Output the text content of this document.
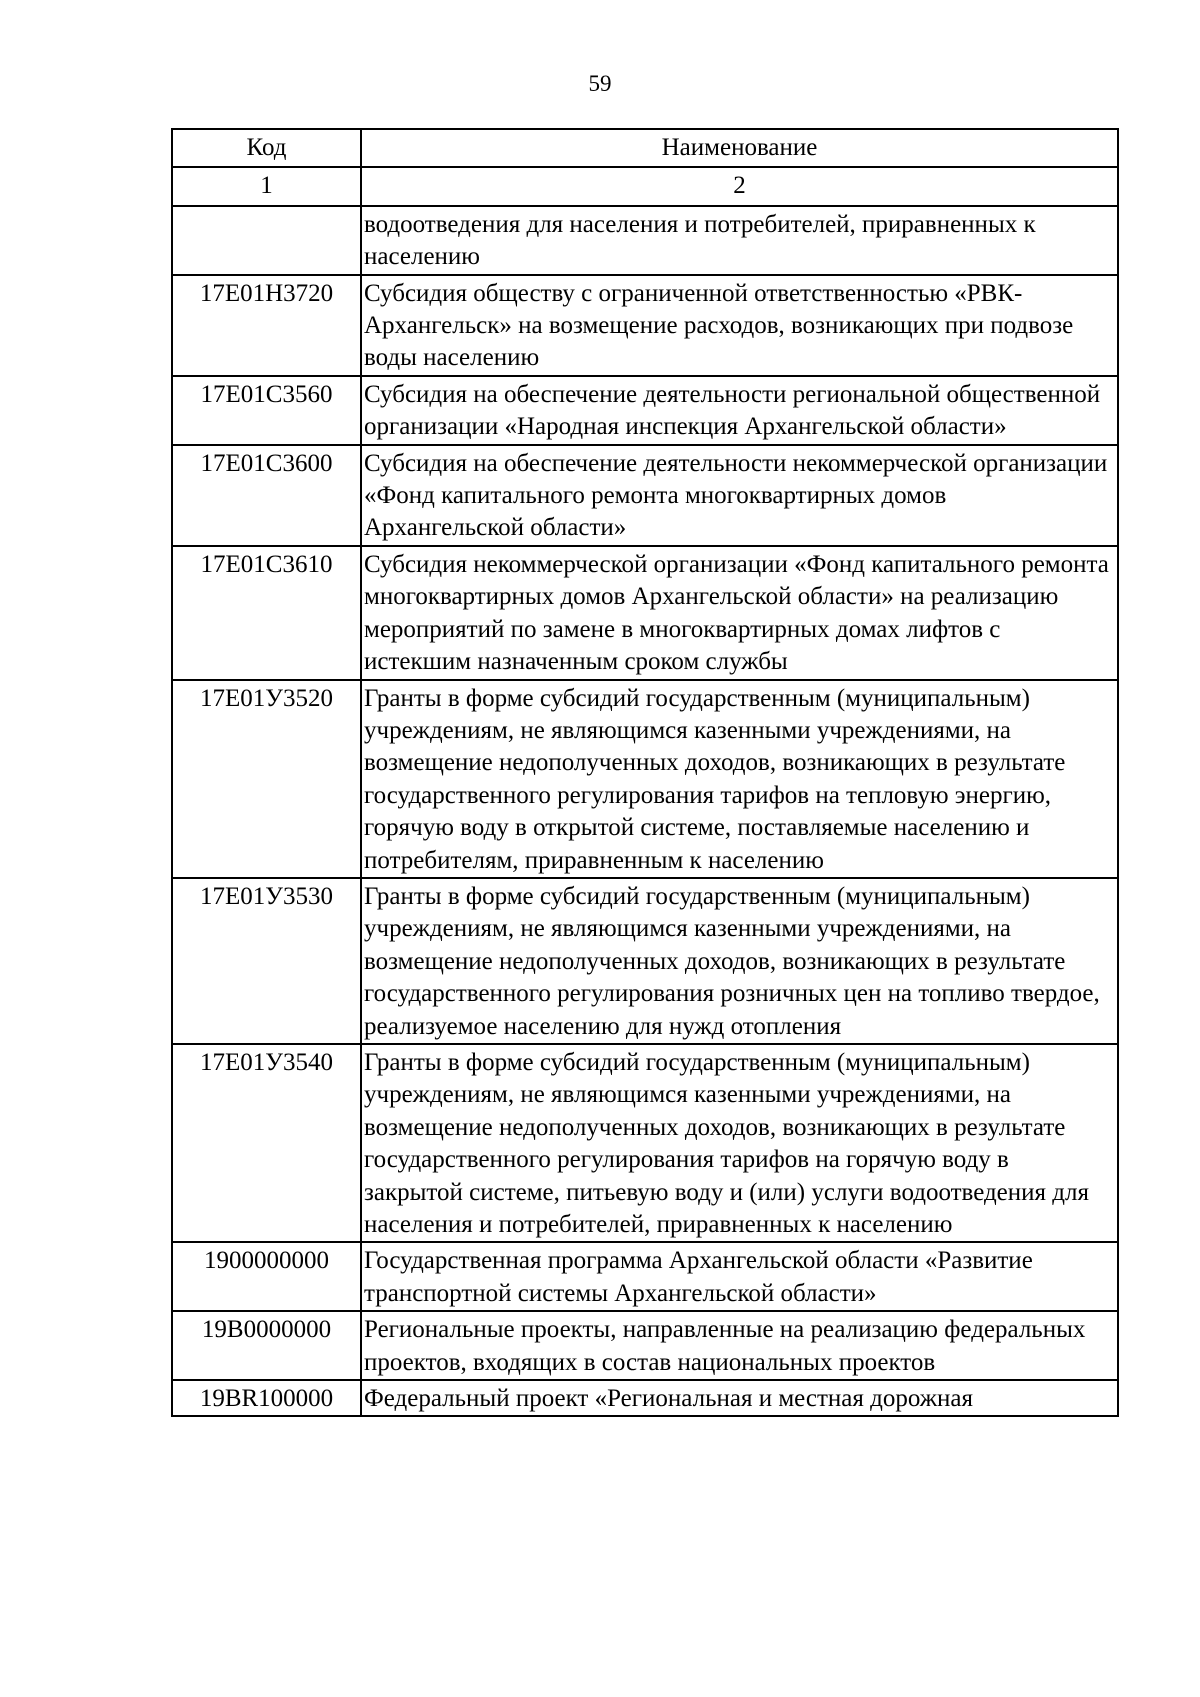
59
Код	Наименование
1	2
	водоотведения для населения и потребителей, приравненных к населению
17Е01Н3720	Субсидия обществу с ограниченной ответственностью «РВК-Архангельск» на возмещение расходов, возникающих при подвозе воды населению
17Е01С3560	Субсидия на обеспечение деятельности региональной общественной организации «Народная инспекция Архангельской области»
17Е01С3600	Субсидия на обеспечение деятельности некоммерческой организации «Фонд капитального ремонта многоквартирных домов Архангельской области»
17Е01С3610	Субсидия некоммерческой организации «Фонд капитального ремонта многоквартирных домов Архангельской области» на реализацию мероприятий по замене в многоквартирных домах лифтов с истекшим назначенным сроком службы
17Е01У3520	Гранты в форме субсидий государственным (муниципальным) учреждениям, не являющимся казенными учреждениями, на возмещение недополученных доходов, возникающих в результате государственного регулирования тарифов на тепловую энергию, горячую воду в открытой системе, поставляемые населению и потребителям, приравненным к населению
17Е01У3530	Гранты в форме субсидий государственным (муниципальным) учреждениям, не являющимся казенными учреждениями, на возмещение недополученных доходов, возникающих в результате государственного регулирования розничных цен на топливо твердое, реализуемое населению для нужд отопления
17Е01У3540	Гранты в форме субсидий государственным (муниципальным) учреждениям, не являющимся казенными учреждениями, на возмещение недополученных доходов, возникающих в результате государственного регулирования тарифов на горячую воду в закрытой системе, питьевую воду и (или) услуги водоотведения для населения и потребителей, приравненных к населению
1900000000	Государственная программа Архангельской области «Развитие транспортной системы Архангельской области»
19В0000000	Региональные проекты, направленные на реализацию федеральных проектов, входящих в состав национальных проектов
19BR100000	Федеральный проект «Региональная и местная дорожная
